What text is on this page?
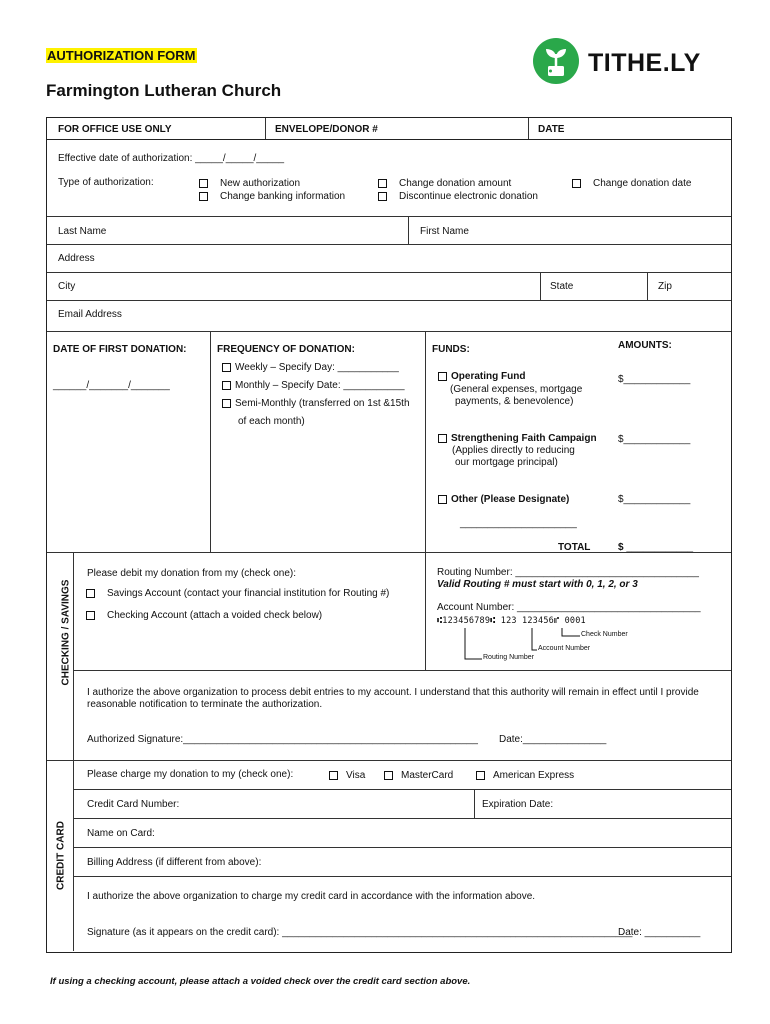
AUTHORIZATION FORM
Farmington Lutheran Church
TITHE.LY
FOR OFFICE USE ONLY	ENVELOPE/DONOR #	DATE
Effective date of authorization: _____/_____/_____
Type of authorization:	New authorization
Change banking information
Change donation amount
Discontinue electronic donation
Change donation date
Last Name	First Name
Address
City	State	Zip
Email Address
DATE OF FIRST DONATION:
______/_______/_______
FREQUENCY OF DONATION:
Weekly – Specify Day: ___________
Monthly – Specify Date: ___________
Semi-Monthly (transferred on 1st &15th
of each month)
FUNDS:	AMOUNTS:
Operating Fund
(General expenses, mortgage
payments, & benevolence)
$____________
Strengthening Faith Campaign
(Applies directly to reducing
our mortgage principal)
$____________
Other (Please Designate)	$____________
_____________________
TOTAL	$ ____________
CHECKING / SAVINGS
Please debit my donation from my (check one):
Savings Account (contact your financial institution for Routing #)
Checking Account (attach a voided check below)
Routing Number: _________________________________
Valid Routing # must start with 0, 1, 2, or 3
Account Number: _________________________________
⑆123456789⑆ 123 123456⑈ 0001
Check Number
Account Number
Routing Number
I authorize the above organization to process debit entries to my account. I understand that this authority will remain in effect until I provide reasonable notification to terminate the authorization.
Authorized Signature:_____________________________________________________ Date:_______________
CREDIT CARD
Please charge my donation to my (check one):	Visa	MasterCard	American Express
Credit Card Number:	Expiration Date:
Name on Card:
Billing Address (if different from above):
I authorize the above organization to charge my credit card in accordance with the information above.
Signature (as it appears on the credit card): _______________________________________________________________
Date: __________
If using a checking account, please attach a voided check over the credit card section above.
